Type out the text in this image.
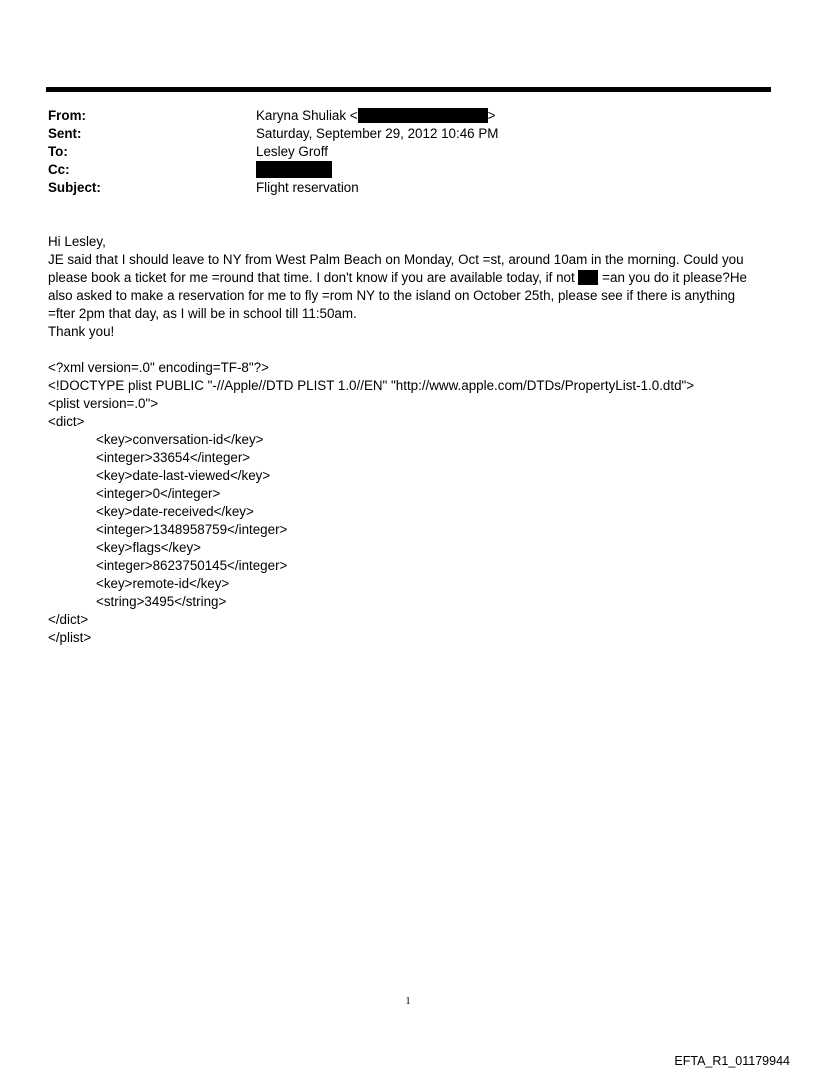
From:	Karyna Shuliak <	>
Sent:	Saturday, September 29, 2012 10:46 PM
To:	Lesley Groff
Cc:
Subject:	Flight reservation

Hi Lesley,

JE said that I should leave to NY from West Palm Beach on Monday, Oct =st, around 10am in the morning. Could you

please book a ticket for me =round that time. I don't know if you are available today, if not =an you do it please?He

also asked to make a reservation for me to fly =rom NY to the island on October 25th, please see if there is anything

=fter 2pm that day, as I will be in school till 11:50am.

Thank you!

<?xml version=.0" encoding=TF-8"?>

<!DOCTYPE plist PUBLIC "-//Apple//DTD PLIST 1.0//EN" "http://www.apple.com/DTDs/PropertyList-1.0.dtd">

<plist version=.0">

<dict>

<key>conversation-id</key>

<integer>33654</integer>

<key>date-last-viewed</key>

<integer>0</integer>

<key>date-received</key>

<integer>1348958759</integer>

<key>flags</key>

<integer>8623750145</integer>

<key>remote-id</key>

<string>3495</string>

</dict>

</plist>

1
EFTA_R1_01179944
